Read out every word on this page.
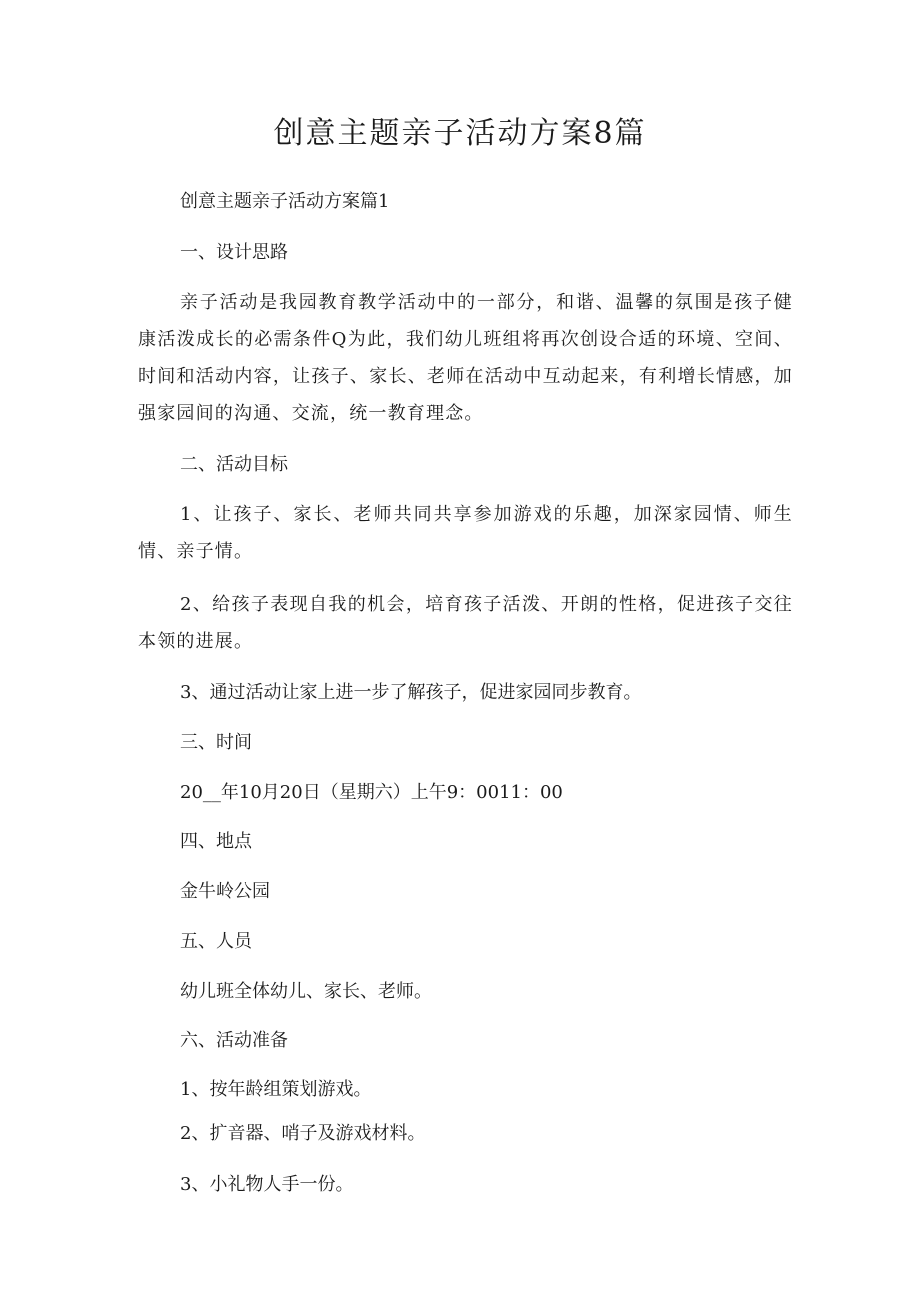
创意主题亲子活动方案8篇

创意主题亲子活动方案篇1

一、设计思路

亲子活动是我园教育教学活动中的一部分，和谐、温馨的氛围是孩子健康活泼成长的必需条件Q为此，我们幼儿班组将再次创设合适的环境、空间、时间和活动内容，让孩子、家长、老师在活动中互动起来，有利增长情感，加强家园间的沟通、交流，统一教育理念。

二、活动目标

1、让孩子、家长、老师共同共享参加游戏的乐趣，加深家园情、师生情、亲子情。

2、给孩子表现自我的机会，培育孩子活泼、开朗的性格，促进孩子交往本领的进展。

3、通过活动让家上进一步了解孩子，促进家园同步教育。

三、时间

20__年10月20日（星期六）上午9：0011：00

四、地点

金牛岭公园

五、人员

幼儿班全体幼儿、家长、老师。

六、活动准备

1、按年龄组策划游戏。

2、扩音器、哨子及游戏材料。

3、小礼物人手一份。
